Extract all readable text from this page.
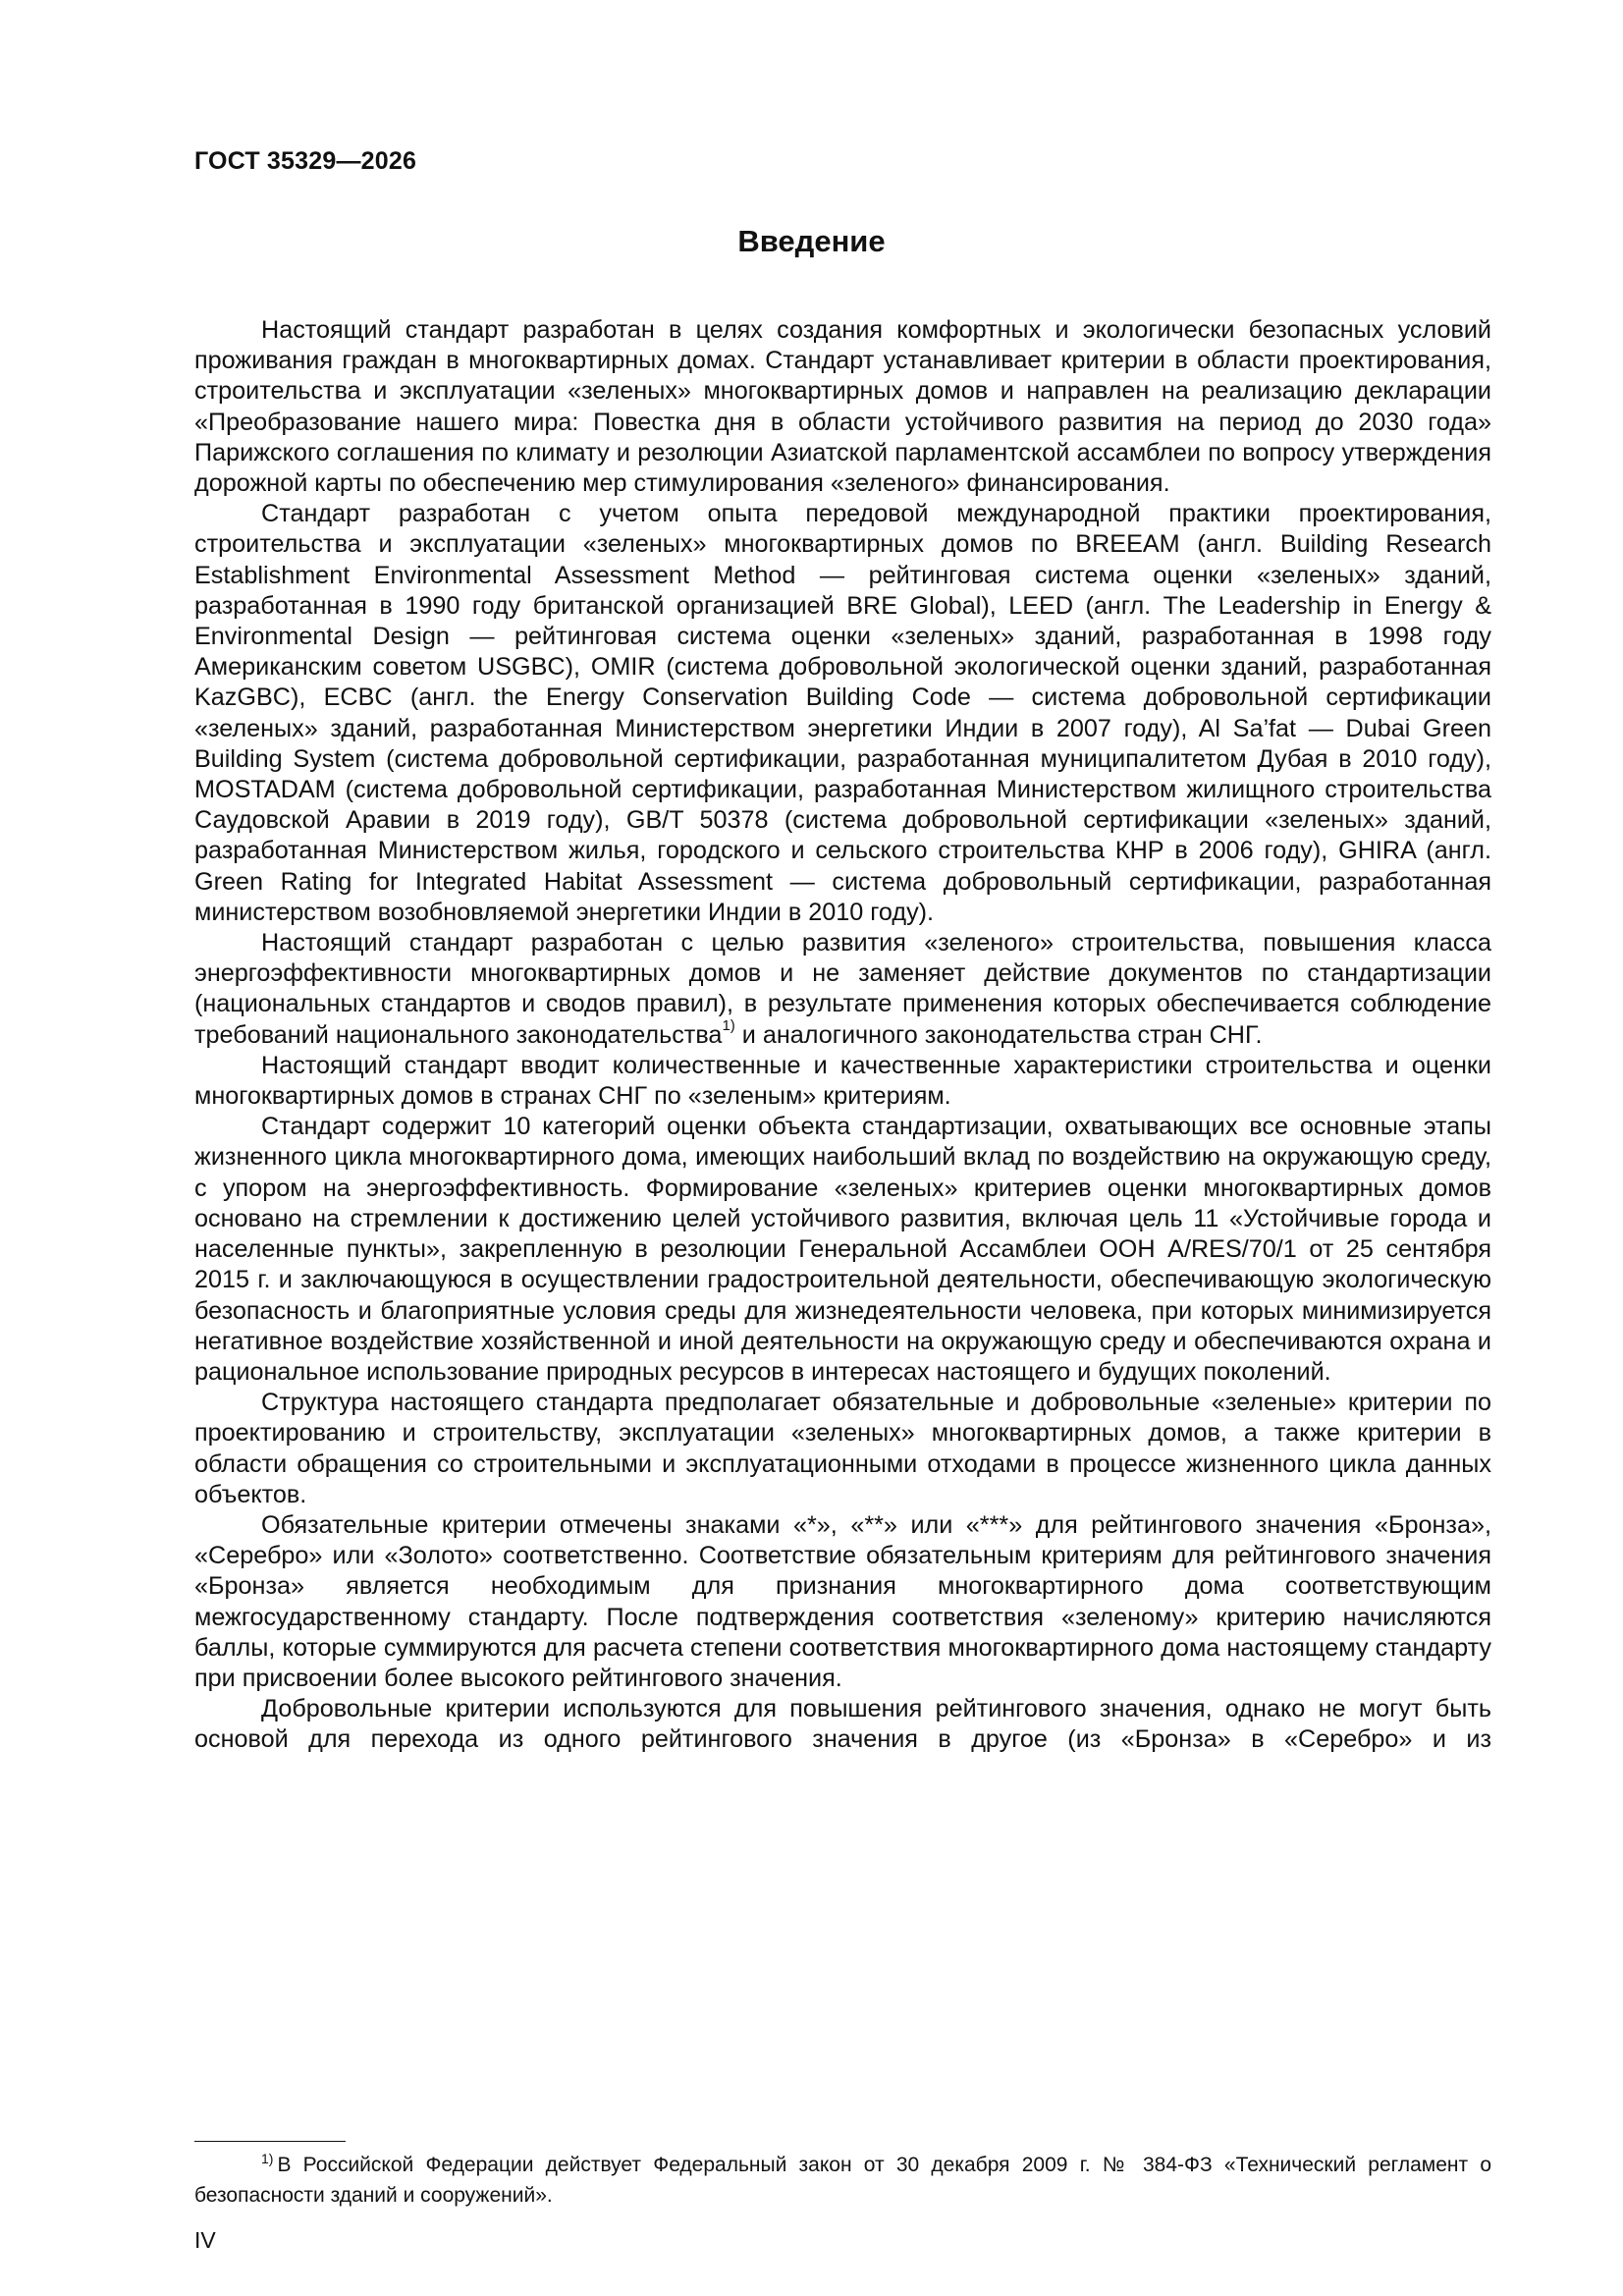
ГОСТ 35329—2026
Введение

Настоящий стандарт разработан в целях создания комфортных и экологически безопасных условий проживания граждан в многоквартирных домах. Стандарт устанавливает критерии в области проектирования, строительства и эксплуатации «зеленых» многоквартирных домов и направлен на реализацию декларации «Преобразование нашего мира: Повестка дня в области устойчивого развития на период до 2030 года» Парижского соглашения по климату и резолюции Азиатской парламентской ассамблеи по вопросу утверждения дорожной карты по обеспечению мер стимулирования «зеленого» финансирования.

Стандарт разработан с учетом опыта передовой международной практики проектирования, строительства и эксплуатации «зеленых» многоквартирных домов по BREEAM (англ. Building Research Establishment Environmental Assessment Method — рейтинговая система оценки «зеленых» зданий, разработанная в 1990 году британской организацией BRE Global), LEED (англ. The Leadership in Energy & Environmental Design — рейтинговая система оценки «зеленых» зданий, разработанная в 1998 году Американским советом USGBC), OMIR (система добровольной экологической оценки зданий, разработанная KazGBC), ECBC (англ. the Energy Conservation Building Code — система добровольной сертификации «зеленых» зданий, разработанная Министерством энергетики Индии в 2007 году), Al Sa’fat — Dubai Green Building System (система добровольной сертификации, разработанная муниципалитетом Дубая в 2010 году), MOSTADAM (система добровольной сертификации, разработанная Министерством жилищного строительства Саудовской Аравии в 2019 году), GB/T 50378 (система добровольной сертификации «зеленых» зданий, разработанная Министерством жилья, городского и сельского строительства КНР в 2006 году), GHIRA (англ. Green Rating for Integrated Habitat Assessment — система добровольный сертификации, разработанная министерством возобновляемой энергетики Индии в 2010 году).

Настоящий стандарт разработан с целью развития «зеленого» строительства, повышения класса энергоэффективности многоквартирных домов и не заменяет действие документов по стандартизации (национальных стандартов и сводов правил), в результате применения которых обеспечивается соблюдение требований национального законодательства$^{1)}$ и аналогичного законодательства стран СНГ.

Настоящий стандарт вводит количественные и качественные характеристики строительства и оценки многоквартирных домов в странах СНГ по «зеленым» критериям.

Стандарт содержит 10 категорий оценки объекта стандартизации, охватывающих все основные этапы жизненного цикла многоквартирного дома, имеющих наибольший вклад по воздействию на окружающую среду, с упором на энергоэффективность. Формирование «зеленых» критериев оценки многоквартирных домов основано на стремлении к достижению целей устойчивого развития, включая цель 11 «Устойчивые города и населенные пункты», закрепленную в резолюции Генеральной Ассамблеи ООН A/RES/70/1 от 25 сентября 2015 г. и заключающуюся в осуществлении градостроительной деятельности, обеспечивающую экологическую безопасность и благоприятные условия среды для жизнедеятельности человека, при которых минимизируется негативное воздействие хозяйственной и иной деятельности на окружающую среду и обеспечиваются охрана и рациональное использование природных ресурсов в интересах настоящего и будущих поколений.

Структура настоящего стандарта предполагает обязательные и добровольные «зеленые» критерии по проектированию и строительству, эксплуатации «зеленых» многоквартирных домов, а также критерии в области обращения со строительными и эксплуатационными отходами в процессе жизненного цикла данных объектов.

Обязательные критерии отмечены знаками «*», «**» или «***» для рейтингового значения «Бронза», «Серебро» или «Золото» соответственно. Соответствие обязательным критериям для рейтингового значения «Бронза» является необходимым для признания многоквартирного дома соответствующим межгосударственному стандарту. После подтверждения соответствия «зеленому» критерию начисляются баллы, которые суммируются для расчета степени соответствия многоквартирного дома настоящему стандарту при присвоении более высокого рейтингового значения.

Добровольные критерии используются для повышения рейтингового значения, однако не могут быть основой для перехода из одного рейтингового значения в другое (из «Бронза» в «Серебро» и из

$^{1)}$ В Российской Федерации действует Федеральный закон от 30 декабря 2009 г. № 384-ФЗ «Технический регламент о безопасности зданий и сооружений».

IV
